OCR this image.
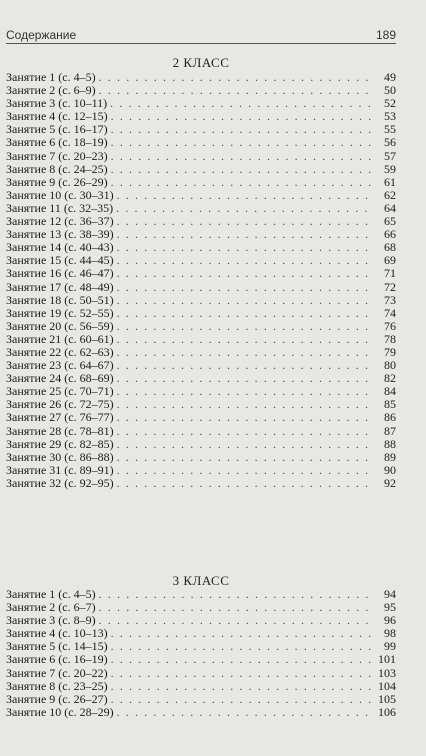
Содержание	189
2 КЛАСС
Занятие 1 (с. 4–5) . . .	49
Занятие 2 (с. 6–9) . . .	50
Занятие 3 (с. 10–11) . . .	52
Занятие 4 (с. 12–15) . . .	53
Занятие 5 (с. 16–17) . . .	55
Занятие 6 (с. 18–19) . . .	56
Занятие 7 (с. 20–23) . . .	57
Занятие 8 (с. 24–25) . . .	59
Занятие 9 (с. 26–29) . . .	61
Занятие 10 (с. 30–31) . . .	62
Занятие 11 (с. 32–35) . . .	64
Занятие 12 (с. 36–37) . . .	65
Занятие 13 (с. 38–39) . . .	66
Занятие 14 (с. 40–43) . . .	68
Занятие 15 (с. 44–45) . . .	69
Занятие 16 (с. 46–47) . . .	71
Занятие 17 (с. 48–49) . . .	72
Занятие 18 (с. 50–51) . . .	73
Занятие 19 (с. 52–55) . . .	74
Занятие 20 (с. 56–59) . . .	76
Занятие 21 (с. 60–61) . . .	78
Занятие 22 (с. 62–63) . . .	79
Занятие 23 (с. 64–67) . . .	80
Занятие 24 (с. 68–69) . . .	82
Занятие 25 (с. 70–71) . . .	84
Занятие 26 (с. 72–75) . . .	85
Занятие 27 (с. 76–77) . . .	86
Занятие 28 (с. 78–81) . . .	87
Занятие 29 (с. 82–85) . . .	88
Занятие 30 (с. 86–88) . . .	89
Занятие 31 (с. 89–91) . . .	90
Занятие 32 (с. 92–95) . . .	92
3 КЛАСС
Занятие 1 (с. 4–5) . . .	94
Занятие 2 (с. 6–7) . . .	95
Занятие 3 (с. 8–9) . . .	96
Занятие 4 (с. 10–13) . . .	98
Занятие 5 (с. 14–15) . . .	99
Занятие 6 (с. 16–19) . . .	101
Занятие 7 (с. 20–22) . . .	103
Занятие 8 (с. 23–25) . . .	104
Занятие 9 (с. 26–27) . . .	105
Занятие 10 (с. 28–29) . . .	106
